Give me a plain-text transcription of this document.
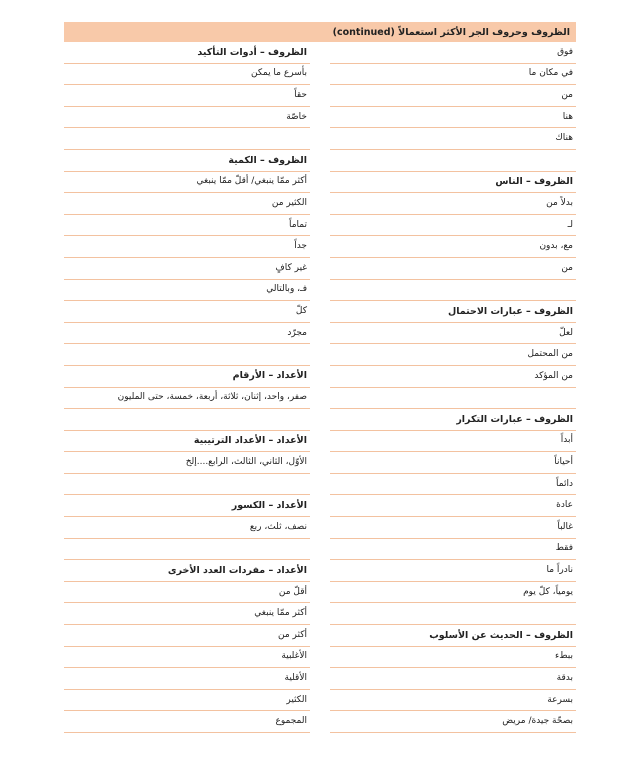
الظروف وحروف الجر الأكثر استعمالاً (continued)
فوق
في مكان ما
من
هنا
هناك
الظروف – الناس
بدلاً من
لـ
مع، بدون
من
الظروف – عبارات الاحتمال
لعلّ
من المحتمل
من المؤكد
الظروف – عبارات التكرار
أبداً
أحياناً
دائماً
عادة
غالباً
فقط
نادراً ما
يومياً، كلّ يوم
الظروف – الحديث عن الأسلوب
ببطء
بدقة
بسرعة
بصحّة جيدة/ مريض
الظروف – أدوات التأكيد
بأسرع ما يمكن
حقاً
خاصّة
الظروف – الكمية
أكثر ممّا ينبغي/ أقلّ ممّا ينبغي
الكثير من
تماماً
جداً
غير كافٍ
فـ، وبالتالي
كلّ
مجرّد
الأعداد – الأرقام
صفر، واحد، إثنان، ثلاثة، أربعة، خمسة، حتى المليون
الأعداد – الأعداد الترتيبية
الأوّل، الثاني، الثالث، الرابع....إلخ
الأعداد – الكسور
نصف، ثلث، ربع
الأعداد – مفردات العدد الأخرى
أقلّ من
أكثر ممّا ينبغي
أكثر من
الأغلبية
الأقلية
الكثير
المجموع
